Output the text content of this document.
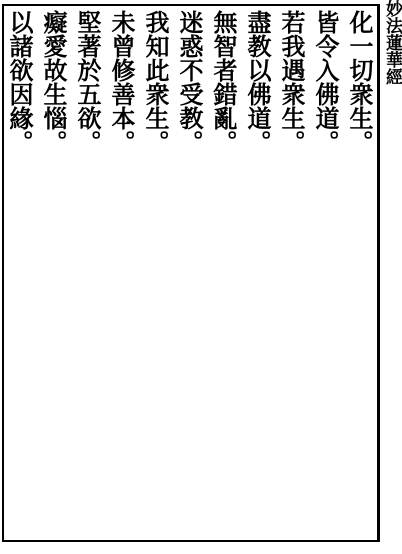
妙法蓮華經
化一切衆生。
皆令入佛道。
若我遇衆生。
盡教以佛道。
無智者錯亂。
迷惑不受教。
我知此衆生。
未曾修善本。
堅著於五欲。
癡愛故生惱。
以諸欲因緣。
